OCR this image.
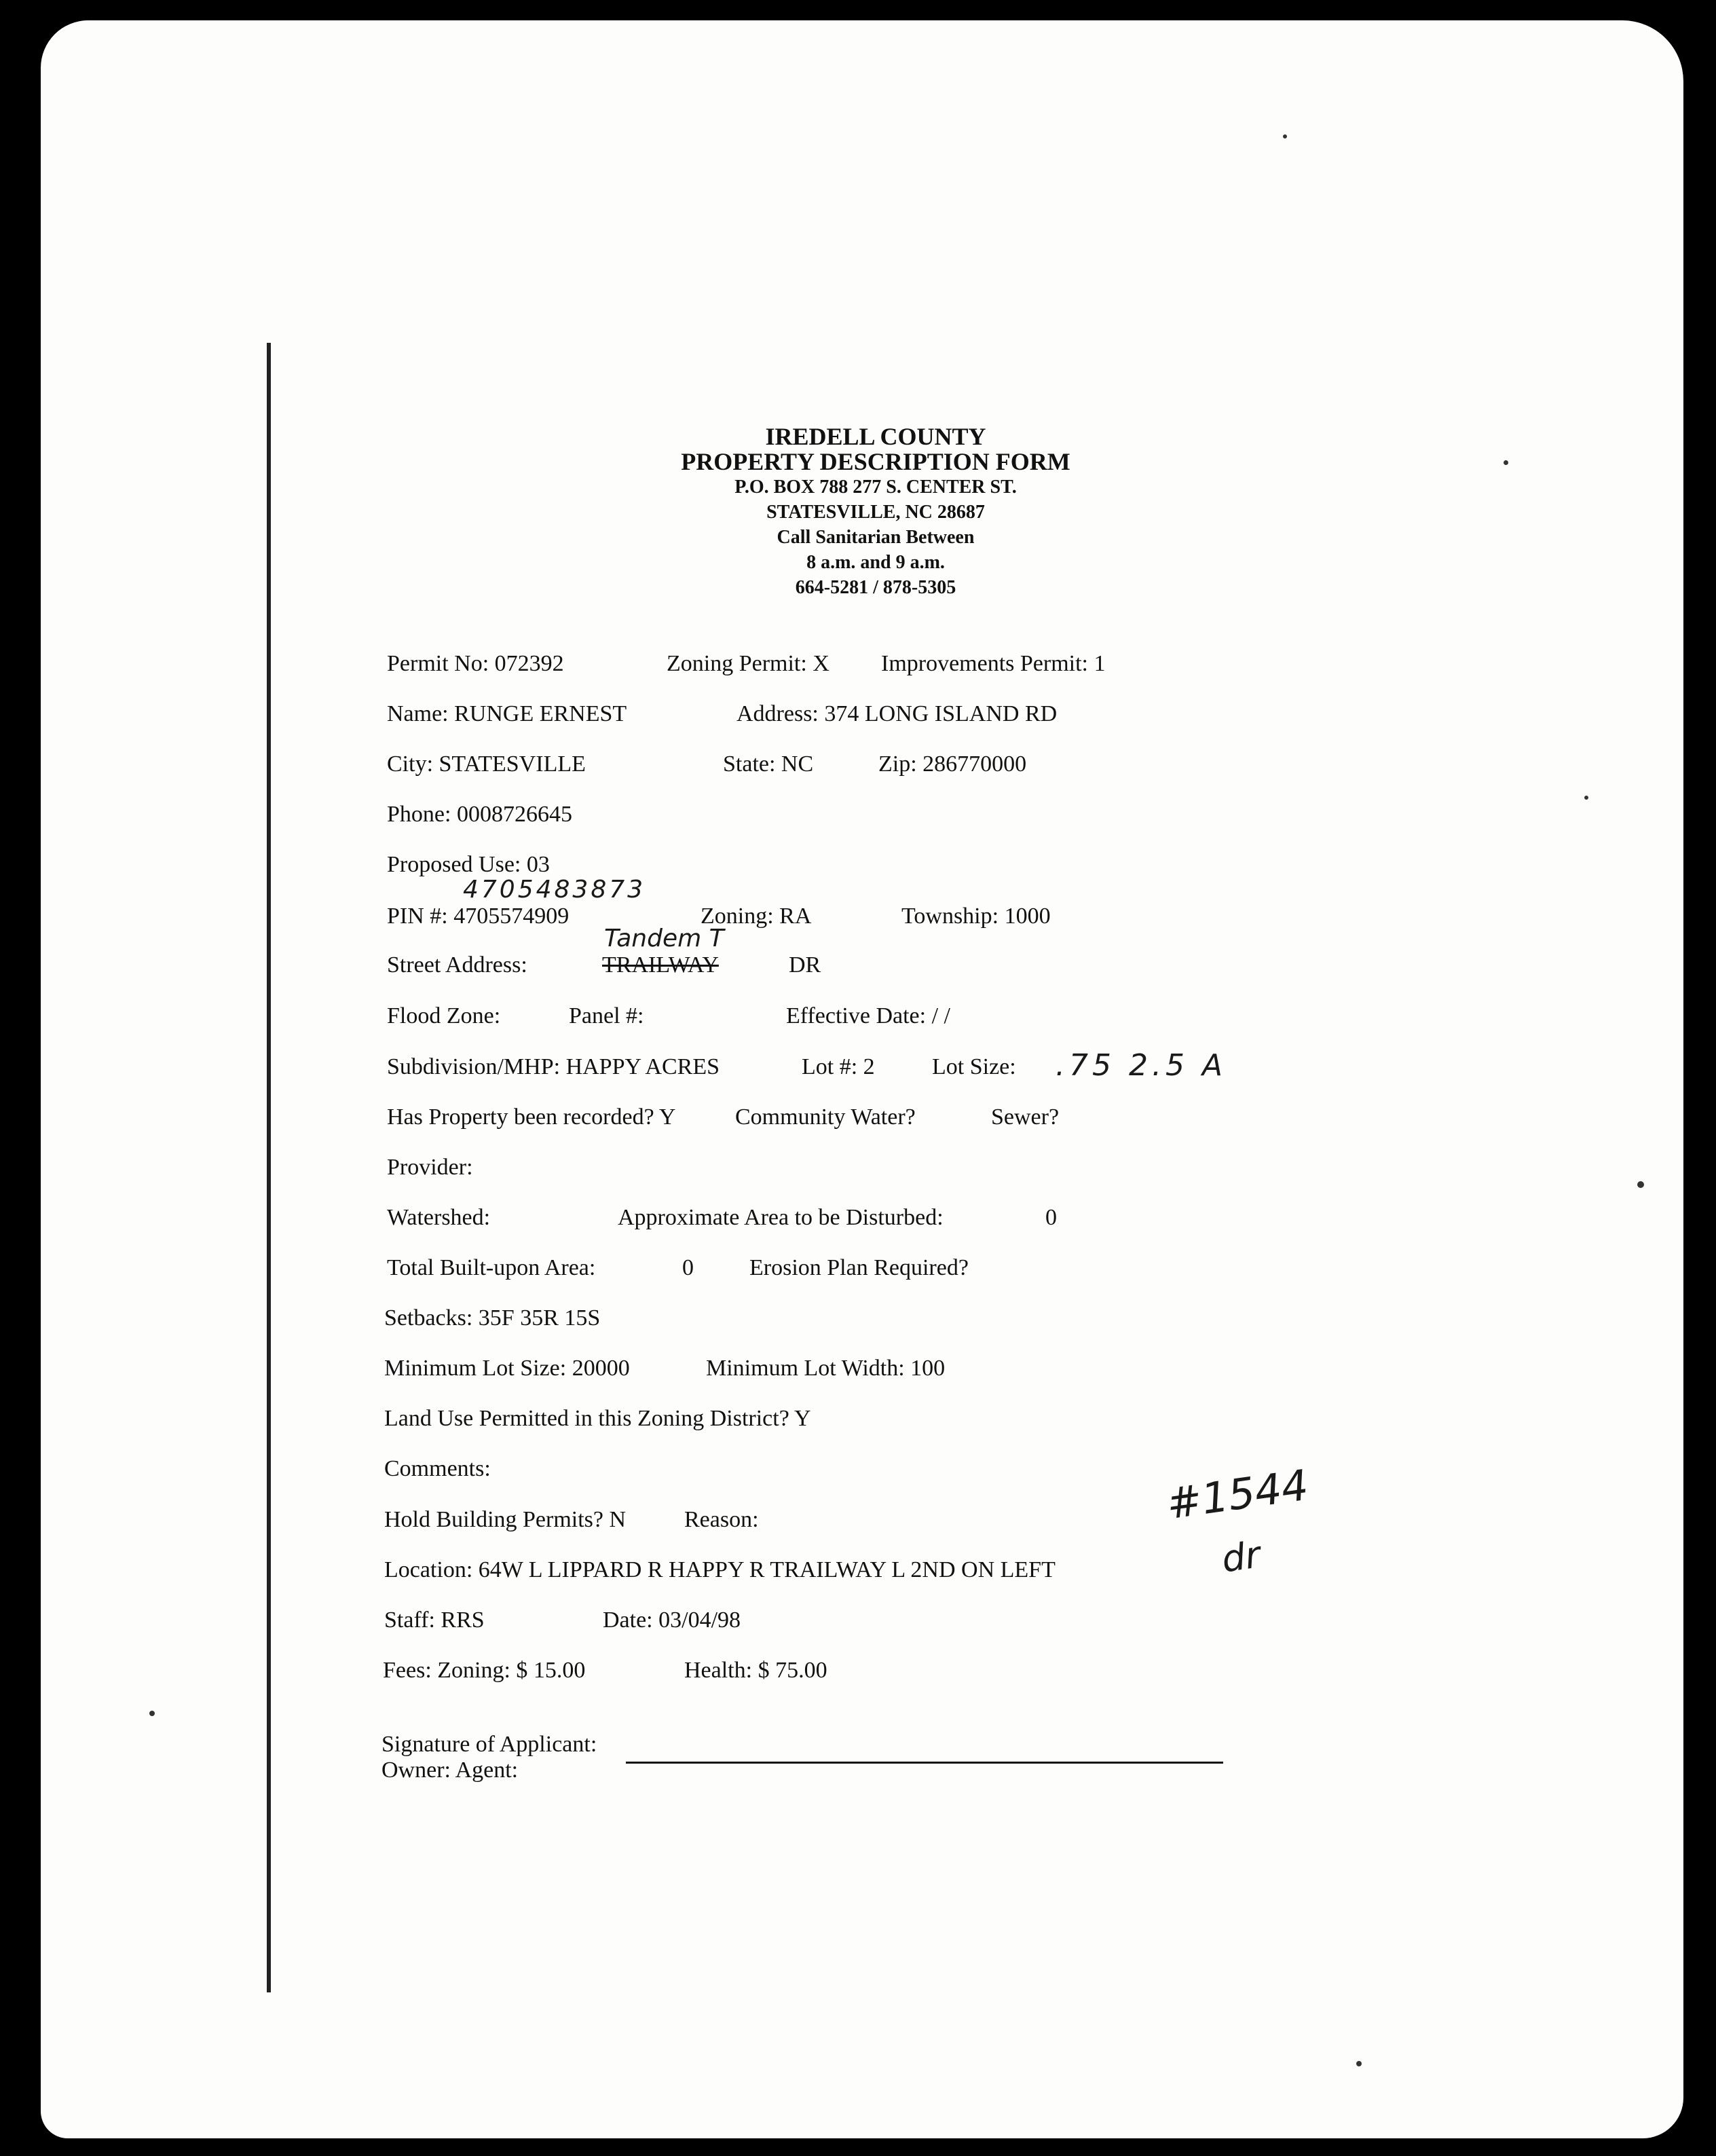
IREDELL COUNTY
PROPERTY DESCRIPTION FORM
P.O. BOX 788 277 S. CENTER ST.
STATESVILLE, NC 28687
Call Sanitarian Between
8 a.m. and 9 a.m.
664-5281 / 878-5305
Permit No: 072392	Zoning Permit: X Improvements Permit: 1
Name: RUNGE ERNEST	Address: 374 LONG ISLAND RD
City: STATESVILLE	State: NC	Zip: 286770000
Phone: 0008726645
Proposed Use: 03
4705483873
PIN #: 4705574909	Zoning: RA	Township: 1000
Tandem T
Street Address:	TRAILWAY	DR
Flood Zone:	Panel #:	Effective Date: / /
Subdivision/MHP: HAPPY ACRES	Lot #: 2 Lot Size: .75 2.5 A
Has Property been recorded? Y	Community Water?	Sewer?
Provider:
Watershed:	Approximate Area to be Disturbed:	0
Total Built-upon Area:	0 Erosion Plan Required?
Setbacks: 35F 35R 15S
Minimum Lot Size: 20000	Minimum Lot Width: 100
Land Use Permitted in this Zoning District? Y
Comments:
Hold Building Permits? N	Reason:	#1544
dr
Location: 64W L LIPPARD R HAPPY R TRAILWAY L 2ND ON LEFT
Staff: RRS	Date: 03/04/98
Fees: Zoning: $ 15.00	Health: $ 75.00
Signature of Applicant:
Owner: Agent:
